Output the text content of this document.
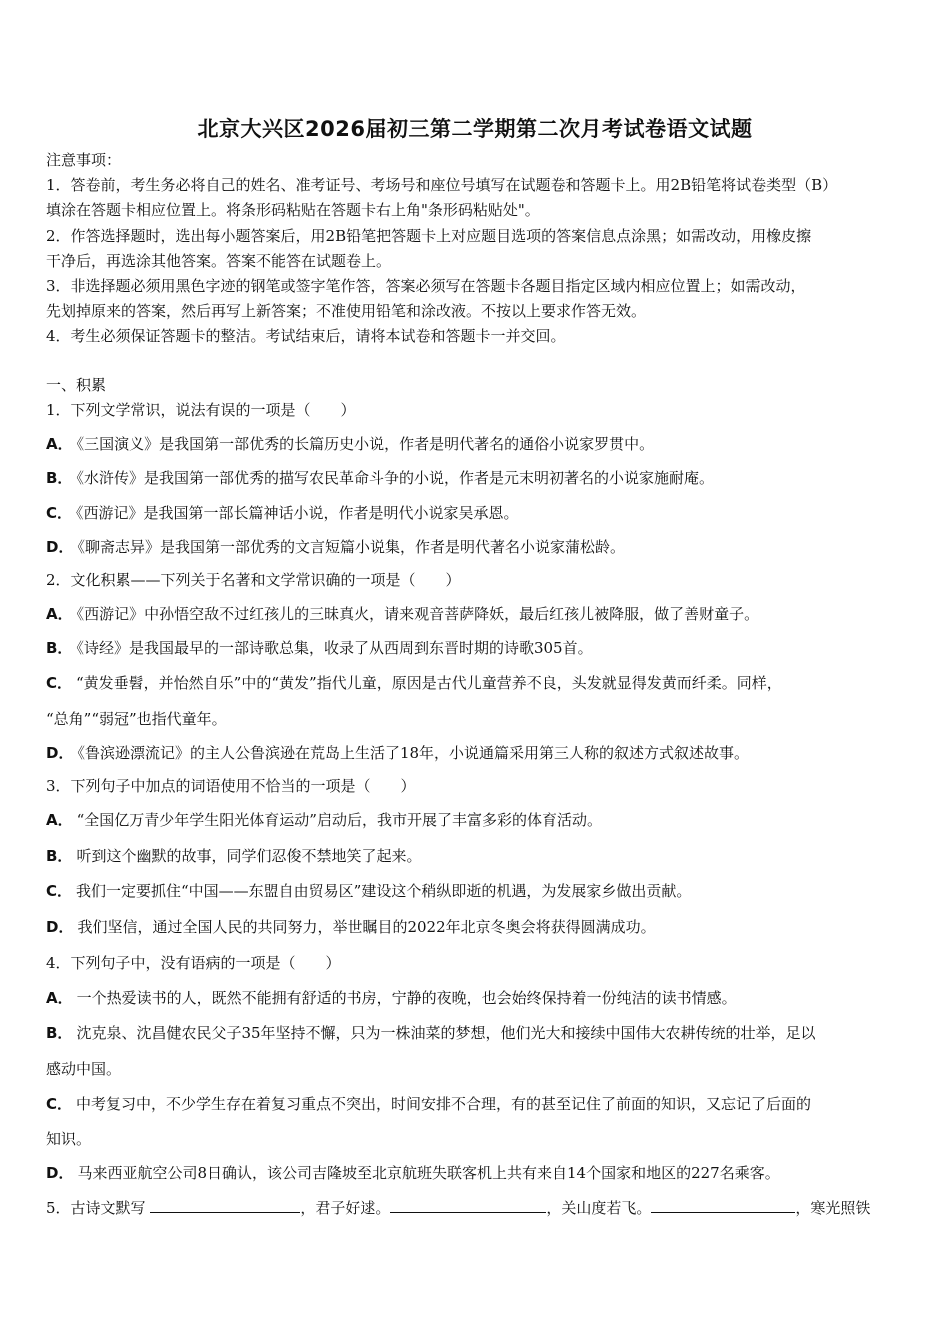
北京大兴区2026届初三第二学期第二次月考试卷语文试题
注意事项：
1．答卷前，考生务必将自己的姓名、准考证号、考场号和座位号填写在试题卷和答题卡上。用2B铅笔将试卷类型（B）
填涂在答题卡相应位置上。将条形码粘贴在答题卡右上角"条形码粘贴处"。
2．作答选择题时，选出每小题答案后，用2B铅笔把答题卡上对应题目选项的答案信息点涂黑；如需改动，用橡皮擦
干净后，再选涂其他答案。答案不能答在试题卷上。
3．非选择题必须用黑色字迹的钢笔或签字笔作答，答案必须写在答题卡各题目指定区域内相应位置上；如需改动，
先划掉原来的答案，然后再写上新答案；不准使用铅笔和涂改液。不按以上要求作答无效。
4．考生必须保证答题卡的整洁。考试结束后，请将本试卷和答题卡一并交回。
一、积累
1．下列文学常识，说法有误的一项是（　　）
A． 《三国演义》是我国第一部优秀的长篇历史小说，作者是明代著名的通俗小说家罗贯中。
B． 《水浒传》是我国第一部优秀的描写农民革命斗争的小说，作者是元末明初著名的小说家施耐庵。
C． 《西游记》是我国第一部长篇神话小说，作者是明代小说家吴承恩。
D． 《聊斋志异》是我国第一部优秀的文言短篇小说集，作者是明代著名小说家蒲松龄。
2．文化积累——下列关于名著和文学常识确的一项是（　　）
A． 《西游记》中孙悟空敌不过红孩儿的三昧真火，请来观音菩萨降妖，最后红孩儿被降服，做了善财童子。
B． 《诗经》是我国最早的一部诗歌总集，收录了从西周到东晋时期的诗歌305首。
C． “黄发垂髫，并怡然自乐”中的“黄发”指代儿童，原因是古代儿童营养不良，头发就显得发黄而纤柔。同样，
“总角”“弱冠”也指代童年。
D． 《鲁滨逊漂流记》的主人公鲁滨逊在荒岛上生活了18年，小说通篇采用第三人称的叙述方式叙述故事。
3．下列句子中加点的词语使用不恰当的一项是（　　）
A． “全国亿万青少年学生阳光体育运动”启动后，我市开展了丰富多彩的体育活动。
B． 听到这个幽默的故事，同学们忍俊不禁地笑了起来。
C． 我们一定要抓住“中国——东盟自由贸易区”建设这个稍纵即逝的机遇，为发展家乡做出贡献。
D． 我们坚信，通过全国人民的共同努力，举世瞩目的2022年北京冬奥会将获得圆满成功。
4．下列句子中，没有语病的一项是（　　）
A． 一个热爱读书的人，既然不能拥有舒适的书房，宁静的夜晚，也会始终保持着一份纯洁的读书情感。
B． 沈克泉、沈昌健农民父子35年坚持不懈，只为一株油菜的梦想，他们光大和接续中国伟大农耕传统的壮举，足以
感动中国。
C． 中考复习中，不少学生存在着复习重点不突出，时间安排不合理，有的甚至记住了前面的知识，又忘记了后面的
知识。
D． 马来西亚航空公司8日确认，该公司吉隆坡至北京航班失联客机上共有来自14个国家和地区的227名乘客。
5．古诗文默写	，君子好逑。	，关山度若飞。	，寒光照铁
